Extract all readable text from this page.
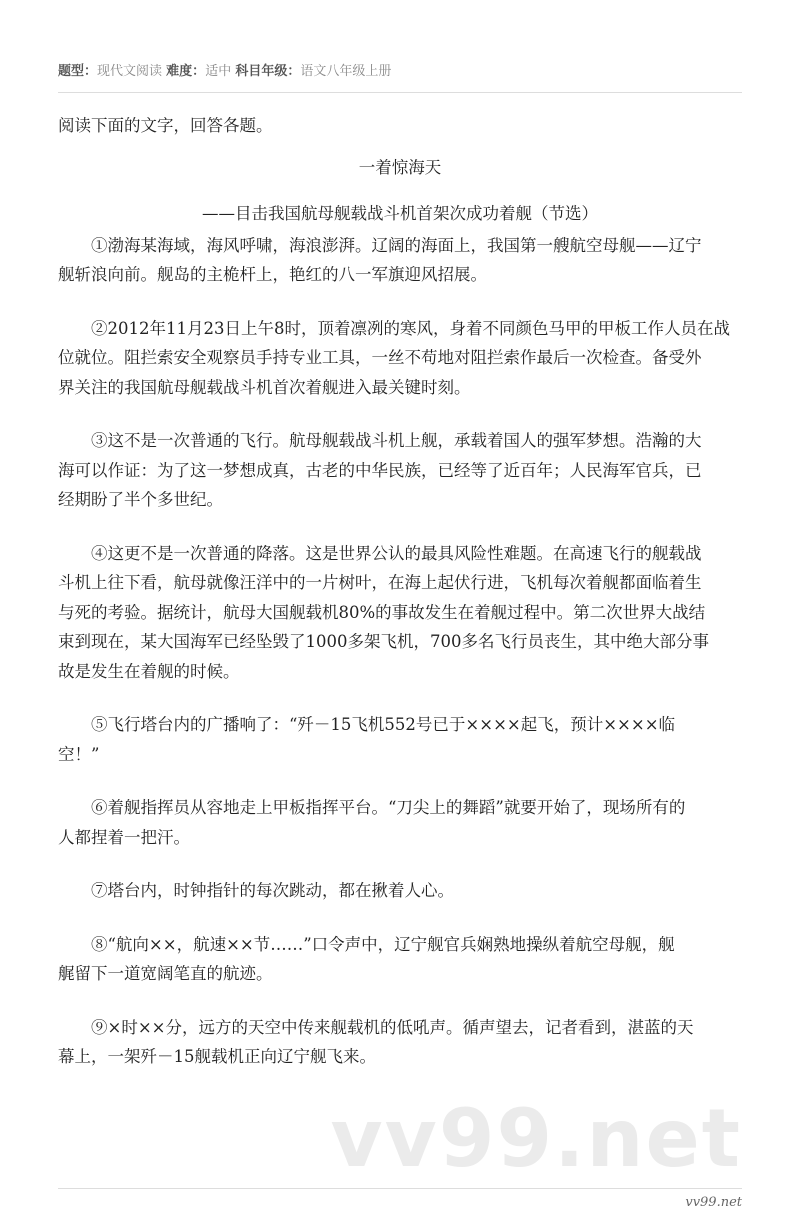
题型：现代文阅读 难度：适中 科目年级：语文八年级上册
阅读下面的文字，回答各题。
一着惊海天
——目击我国航母舰载战斗机首架次成功着舰（节选）
　　①渤海某海域，海风呼啸，海浪澎湃。辽阔的海面上，我国第一艘航空母舰——辽宁
舰斩浪向前。舰岛的主桅杆上，艳红的八一军旗迎风招展。
　　②2012年11月23日上午8时，顶着凛冽的寒风，身着不同颜色马甲的甲板工作人员在战
位就位。阻拦索安全观察员手持专业工具，一丝不苟地对阻拦索作最后一次检查。备受外
界关注的我国航母舰载战斗机首次着舰进入最关键时刻。
　　③这不是一次普通的飞行。航母舰载战斗机上舰，承载着国人的强军梦想。浩瀚的大
海可以作证：为了这一梦想成真，古老的中华民族，已经等了近百年；人民海军官兵，已
经期盼了半个多世纪。
　　④这更不是一次普通的降落。这是世界公认的最具风险性难题。在高速飞行的舰载战
斗机上往下看，航母就像汪洋中的一片树叶，在海上起伏行进，飞机每次着舰都面临着生
与死的考验。据统计，航母大国舰载机80%的事故发生在着舰过程中。第二次世界大战结
束到现在，某大国海军已经坠毁了1000多架飞机，700多名飞行员丧生，其中绝大部分事
故是发生在着舰的时候。
　　⑤飞行塔台内的广播响了：“歼－15飞机552号已于××××起飞，预计××××临
空！”
　　⑥着舰指挥员从容地走上甲板指挥平台。“刀尖上的舞蹈”就要开始了，现场所有的
人都捏着一把汗。
　　⑦塔台内，时钟指针的每次跳动，都在揪着人心。
　　⑧“航向××，航速××节……”口令声中，辽宁舰官兵娴熟地操纵着航空母舰，舰
艉留下一道宽阔笔直的航迹。
　　⑨×时××分，远方的天空中传来舰载机的低吼声。循声望去，记者看到，湛蓝的天
幕上，一架歼－15舰载机正向辽宁舰飞来。
vv99.net
vv99.net
